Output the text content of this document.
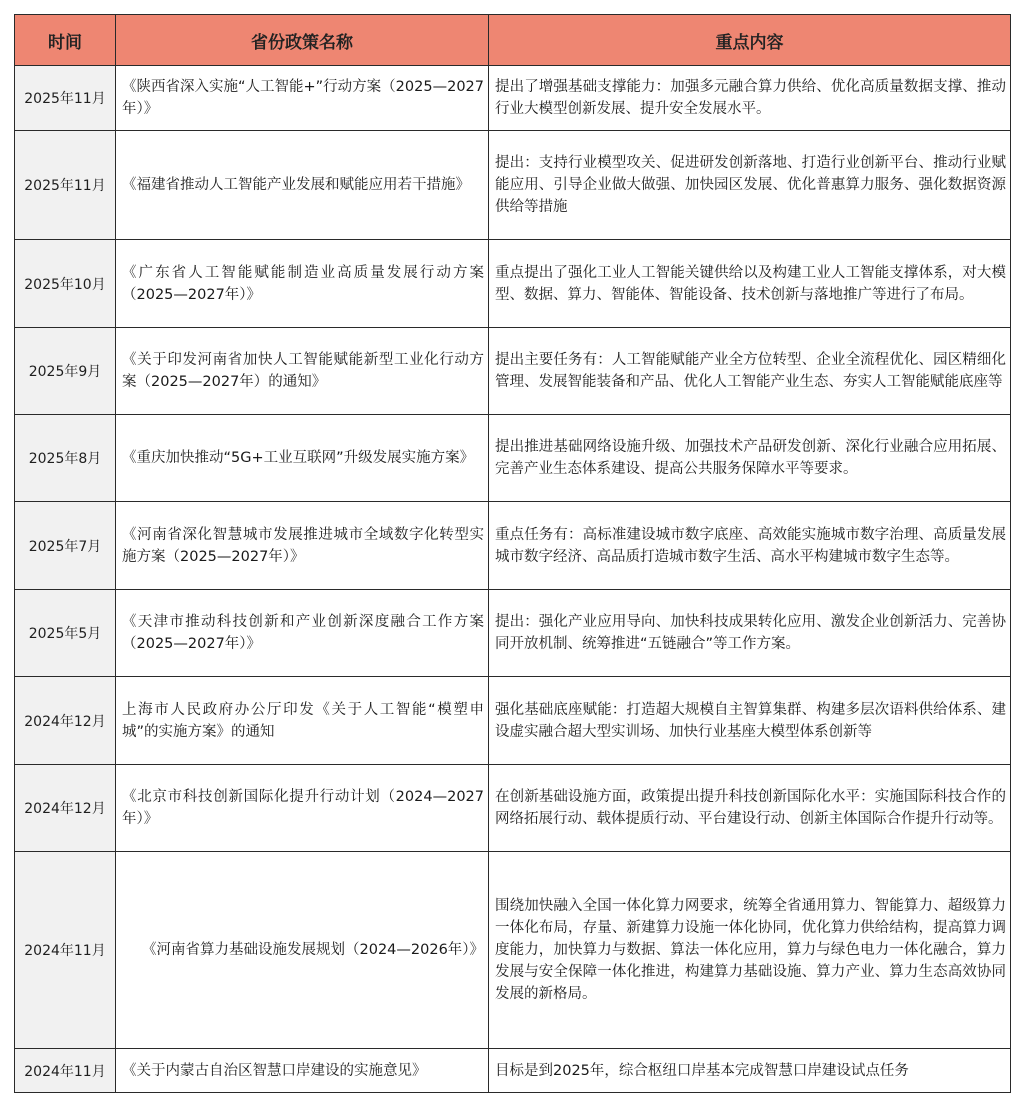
时间	省份政策名称	重点内容
2025年11月	《陕西省深入实施“人工智能+”行动方案（2025—2027年）》	提出了增强基础支撑能力：加强多元融合算力供给、优化高质量数据支撑、推动行业大模型创新发展、提升安全发展水平。
2025年11月	《福建省推动人工智能产业发展和赋能应用若干措施》	提出：支持行业模型攻关、促进研发创新落地、打造行业创新平台、推动行业赋能应用、引导企业做大做强、加快园区发展、优化普惠算力服务、强化数据资源供给等措施
2025年10月	《广东省人工智能赋能制造业高质量发展行动方案（2025—2027年）》	重点提出了强化工业人工智能关键供给以及构建工业人工智能支撑体系，对大模型、数据、算力、智能体、智能设备、技术创新与落地推广等进行了布局。
2025年9月	《关于印发河南省加快人工智能赋能新型工业化行动方案（2025—2027年）的通知》	提出主要任务有：人工智能赋能产业全方位转型、企业全流程优化、园区精细化管理、发展智能装备和产品、优化人工智能产业生态、夯实人工智能赋能底座等
2025年8月	《重庆加快推动“5G+工业互联网”升级发展实施方案》	提出推进基础网络设施升级、加强技术产品研发创新、深化行业融合应用拓展、完善产业生态体系建设、提高公共服务保障水平等要求。
2025年7月	《河南省深化智慧城市发展推进城市全域数字化转型实施方案（2025—2027年）》	重点任务有：高标准建设城市数字底座、高效能实施城市数字治理、高质量发展城市数字经济、高品质打造城市数字生活、高水平构建城市数字生态等。
2025年5月	《天津市推动科技创新和产业创新深度融合工作方案（2025—2027年）》	提出：强化产业应用导向、加快科技成果转化应用、激发企业创新活力、完善协同开放机制、统筹推进“五链融合”等工作方案。
2024年12月	上海市人民政府办公厅印发《关于人工智能“模塑申城”的实施方案》的通知	强化基础底座赋能：打造超大规模自主智算集群、构建多层次语料供给体系、建设虚实融合超大型实训场、加快行业基座大模型体系创新等
2024年12月	《北京市科技创新国际化提升行动计划（2024—2027年）》	在创新基础设施方面，政策提出提升科技创新国际化水平：实施国际科技合作的网络拓展行动、载体提质行动、平台建设行动、创新主体国际合作提升行动等。
2024年11月	《河南省算力基础设施发展规划（2024—2026年）》	围绕加快融入全国一体化算力网要求，统筹全省通用算力、智能算力、超级算力一体化布局，存量、新建算力设施一体化协同，优化算力供给结构，提高算力调度能力，加快算力与数据、算法一体化应用，算力与绿色电力一体化融合，算力发展与安全保障一体化推进，构建算力基础设施、算力产业、算力生态高效协同发展的新格局。
2024年11月	《关于内蒙古自治区智慧口岸建设的实施意见》	目标是到2025年，综合枢纽口岸基本完成智慧口岸建设试点任务
